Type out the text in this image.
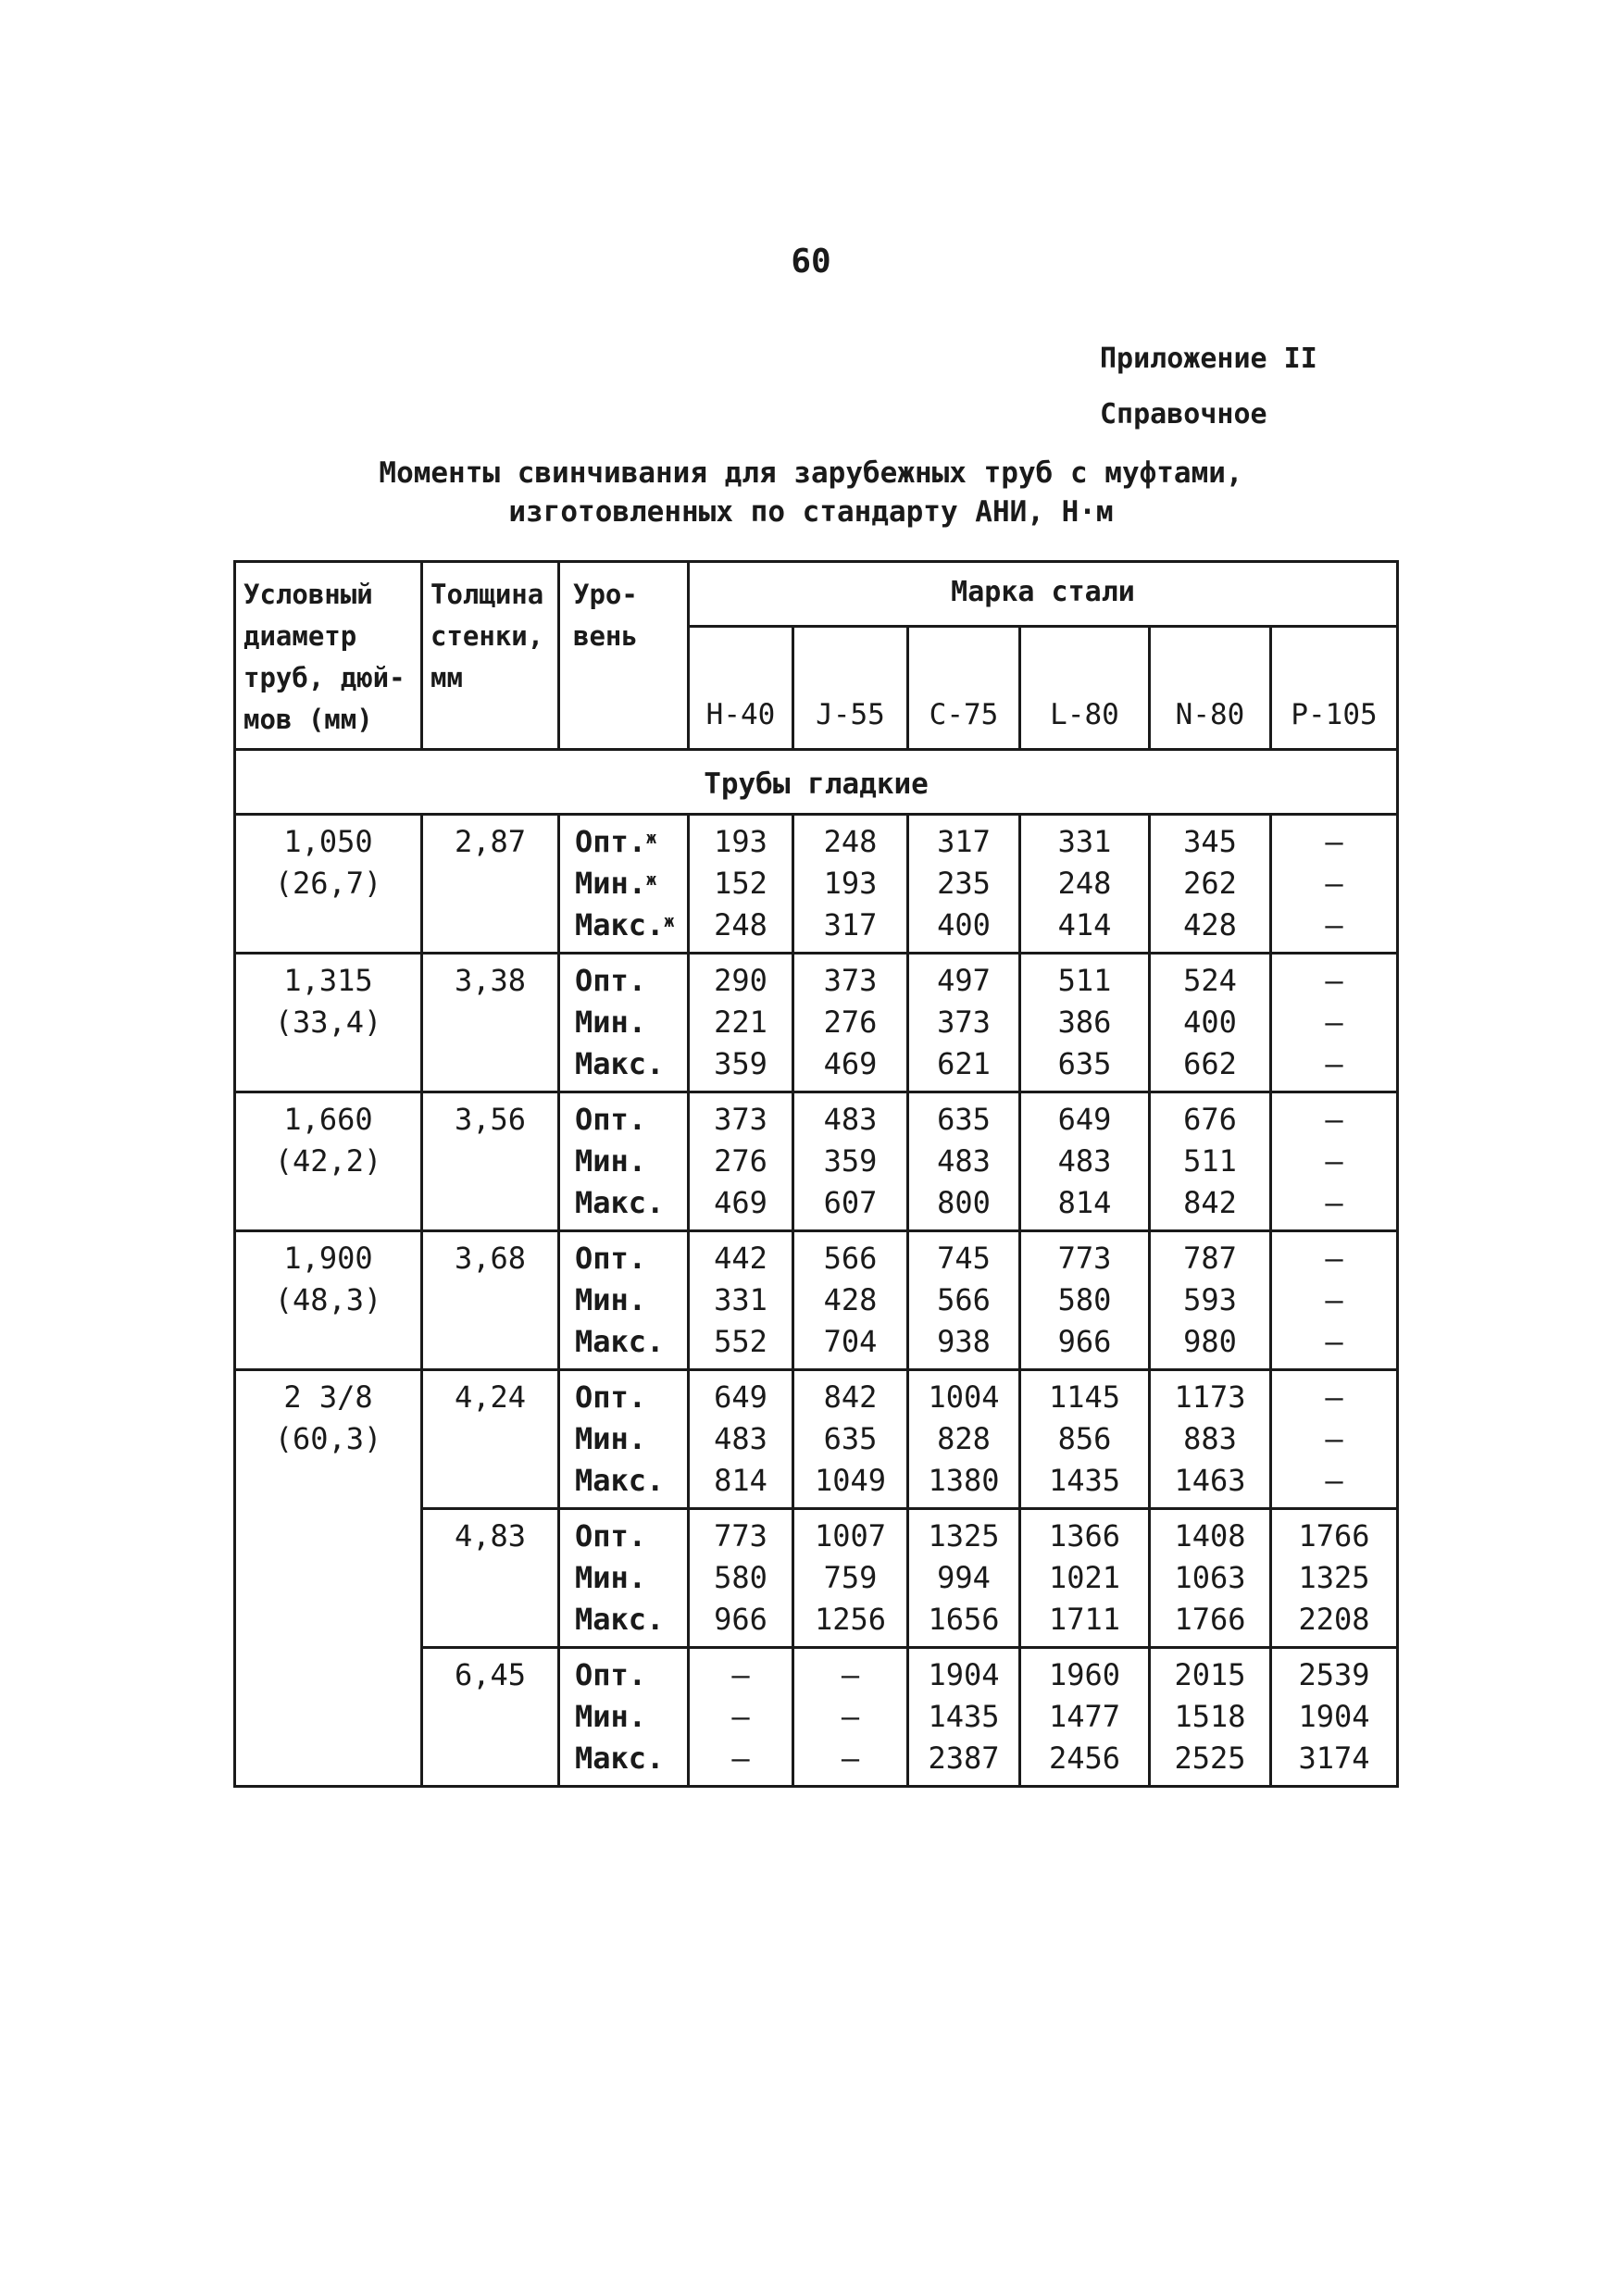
60
Приложение II
Справочное
Моменты свинчивания для зарубежных труб с муфтами,
изготовленных по стандарту АНИ, Н·м
Условный
диаметр
труб, дюй-
мов (мм)	Толщина
стенки,
мм	Уро-
вень	Марка стали					
			Н-40	J-55	С-75	L-80	N-80	Р-105
Трубы гладкие								

1,050
(26,7)	2,87	Опт.$^ж$
Мин.$^ж$
Макс.$^ж$	193
152
248	248
193
317	317
235
400	331
248
414	345
262
428	–
–
–

1,315
(33,4)	3,38	Опт.
Мин.
Макс.	290
221
359	373
276
469	497
373
621	511
386
635	524
400
662	–
–
–

1,660
(42,2)	3,56	Опт.
Мин.
Макс.	373
276
469	483
359
607	635
483
800	649
483
814	676
511
842	–
–
–

1,900
(48,3)	3,68	Опт.
Мин.
Макс.	442
331
552	566
428
704	745
566
938	773
580
966	787
593
980	–
–
–

2 3/8
(60,3)	4,24	Опт.
Мин.
Макс.	649
483
814	842
635
1049	1004
828
1380	1145
856
1435	1173
883
1463	–
–
–

	4,83	Опт.
Мин.
Макс.	773
580
966	1007
759
1256	1325
994
1656	1366
1021
1711	1408
1063
1766	1766
1325
2208

	6,45	Опт.
Мин.
Макс.	–
–
–	–
–
–	1904
1435
2387	1960
1477
2456	2015
1518
2525	2539
1904
3174
